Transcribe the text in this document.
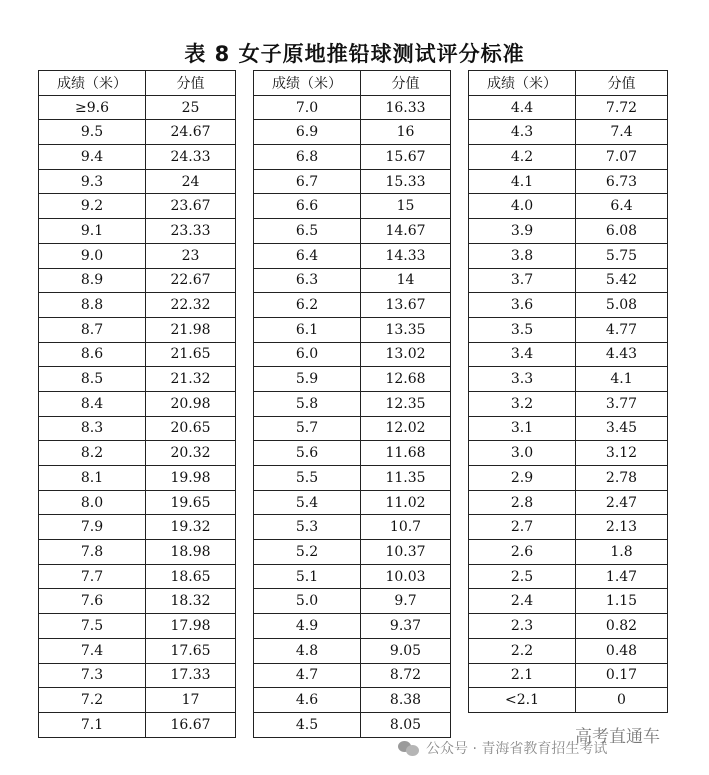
表 8 女子原地推铅球测试评分标准
成绩（米）	分值
≥9.6	25
9.5	24.67
9.4	24.33
9.3	24
9.2	23.67
9.1	23.33
9.0	23
8.9	22.67
8.8	22.32
8.7	21.98
8.6	21.65
8.5	21.32
8.4	20.98
8.3	20.65
8.2	20.32
8.1	19.98
8.0	19.65
7.9	19.32
7.8	18.98
7.7	18.65
7.6	18.32
7.5	17.98
7.4	17.65
7.3	17.33
7.2	17
7.1	16.67
成绩（米）	分值
7.0	16.33
6.9	16
6.8	15.67
6.7	15.33
6.6	15
6.5	14.67
6.4	14.33
6.3	14
6.2	13.67
6.1	13.35
6.0	13.02
5.9	12.68
5.8	12.35
5.7	12.02
5.6	11.68
5.5	11.35
5.4	11.02
5.3	10.7
5.2	10.37
5.1	10.03
5.0	9.7
4.9	9.37
4.8	9.05
4.7	8.72
4.6	8.38
4.5	8.05
成绩（米）	分值
4.4	7.72
4.3	7.4
4.2	7.07
4.1	6.73
4.0	6.4
3.9	6.08
3.8	5.75
3.7	5.42
3.6	5.08
3.5	4.77
3.4	4.43
3.3	4.1
3.2	3.77
3.1	3.45
3.0	3.12
2.9	2.78
2.8	2.47
2.7	2.13
2.6	1.8
2.5	1.47
2.4	1.15
2.3	0.82
2.2	0.48
2.1	0.17
<2.1	0
高考直通车
公众号 · 青海省教育招生考试
